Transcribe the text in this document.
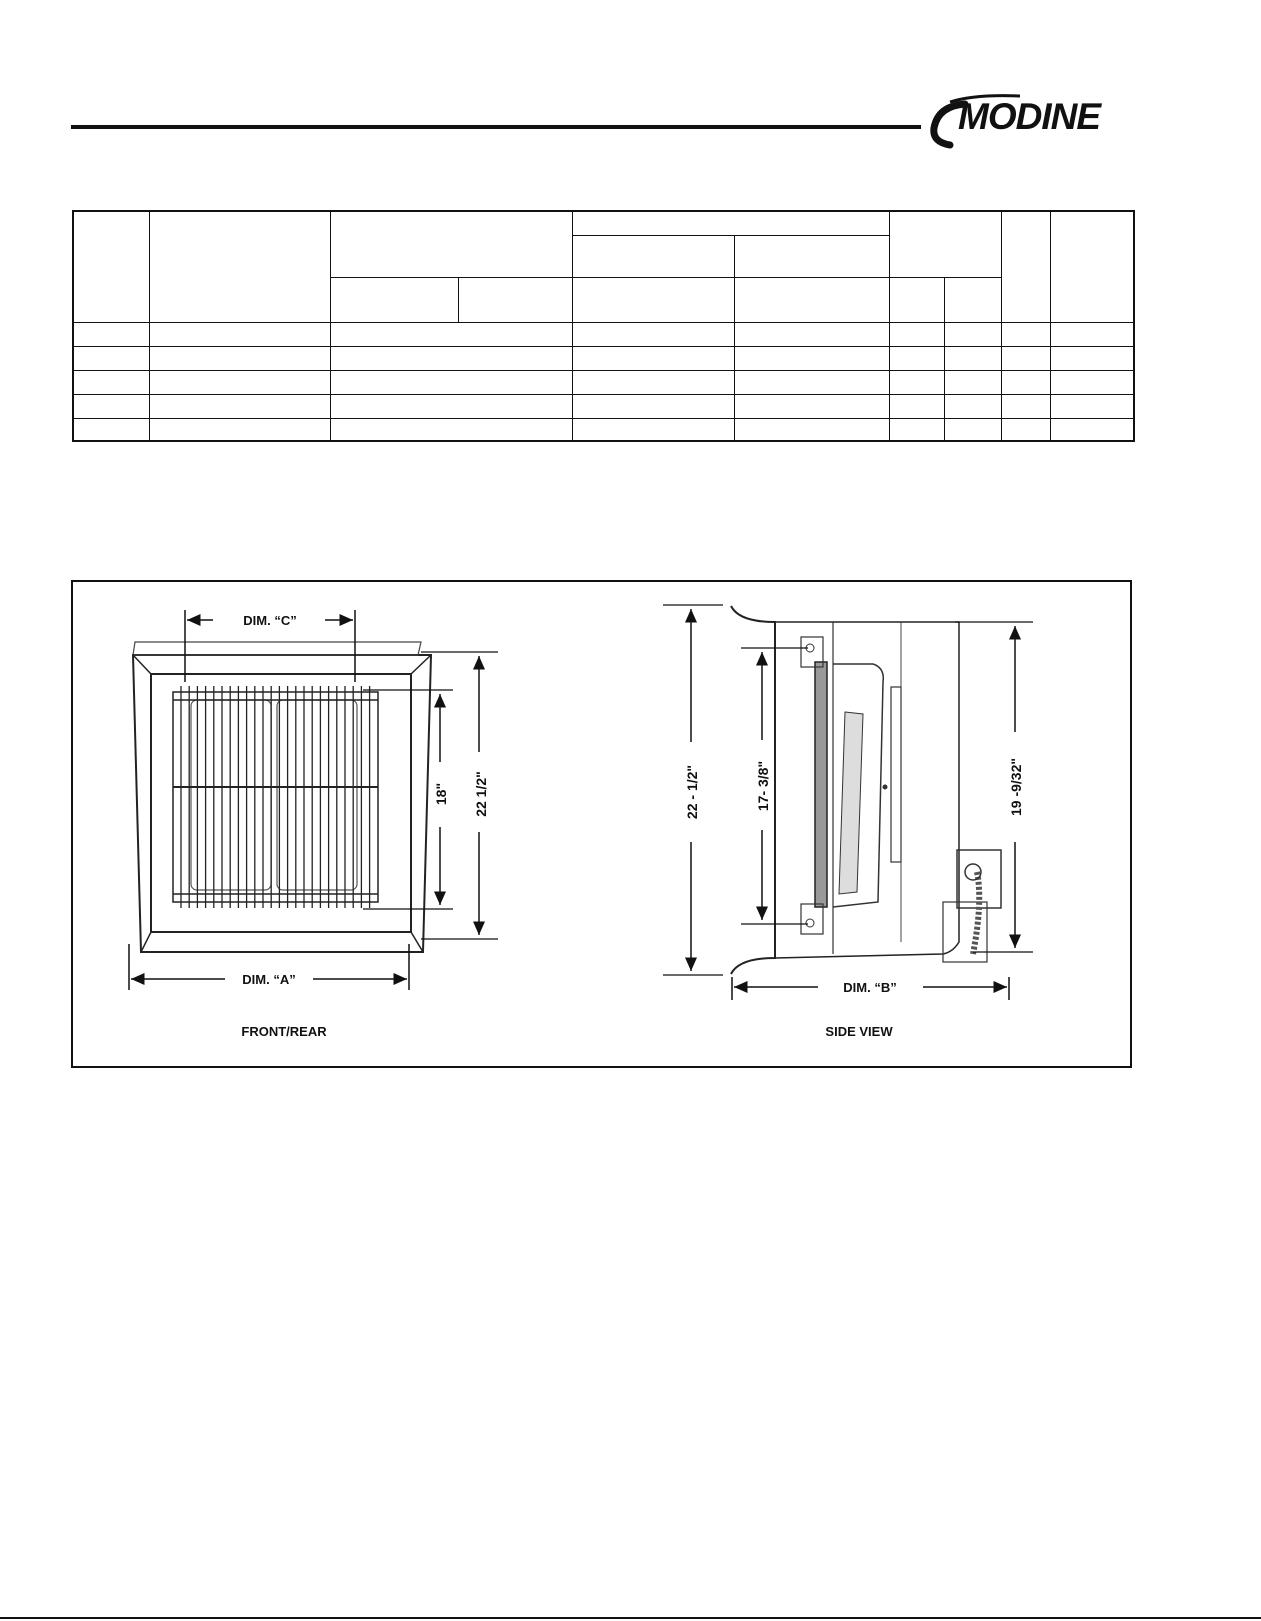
MODINE

DIM. “C”
18" 22 1/2"
DIM. “A”
FRONT/REAR
22 - 1/2"	17- 3/8"	19 -9/32"
DIM. “B”
SIDE VIEW
